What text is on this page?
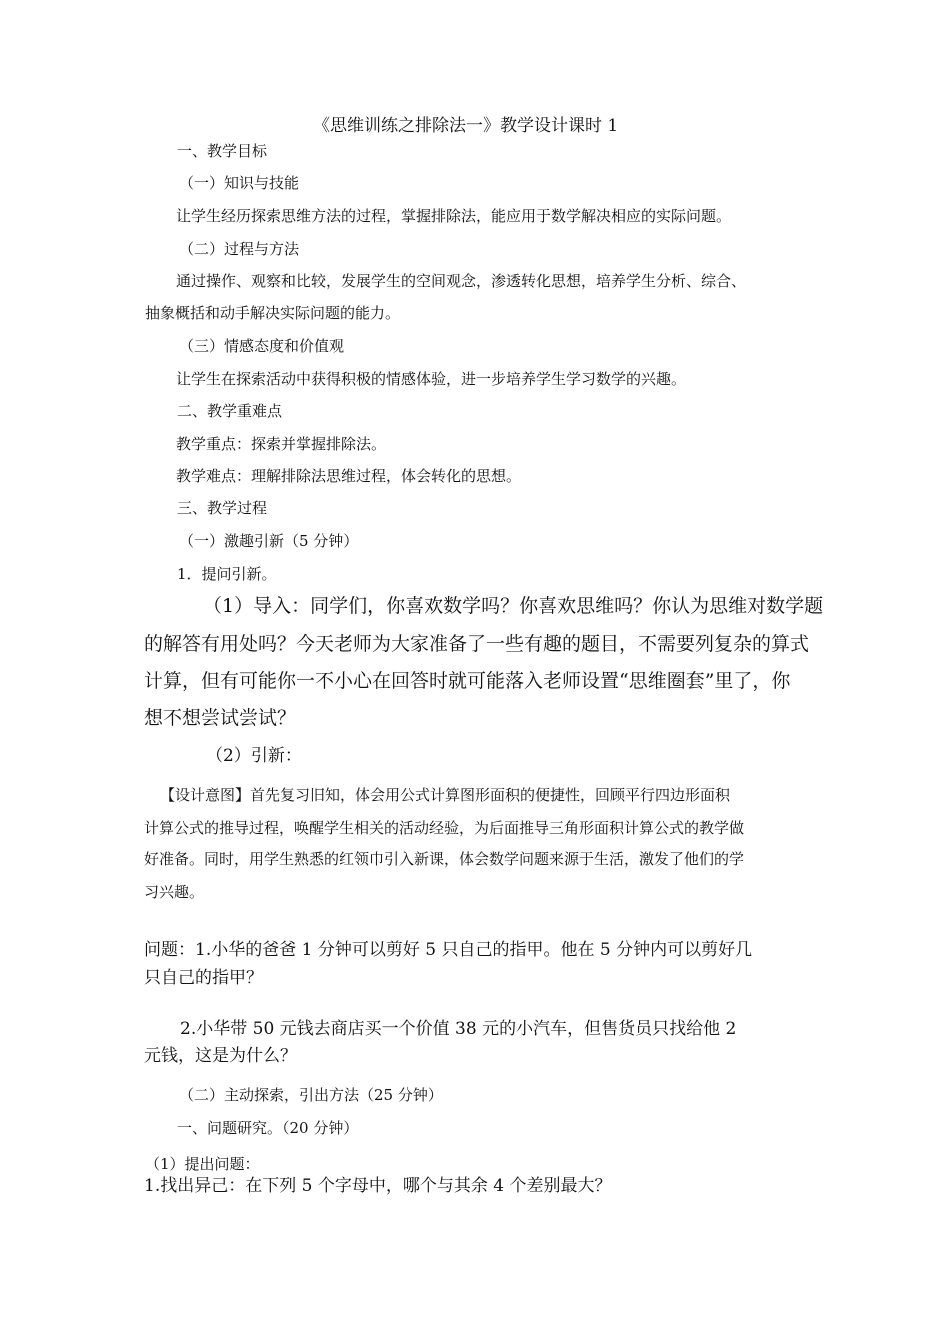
《思维训练之排除法一》教学设计课时 1
一、教学目标
（一）知识与技能
让学生经历探索思维方法的过程，掌握排除法，能应用于数学解决相应的实际问题。
（二）过程与方法
通过操作、观察和比较，发展学生的空间观念，渗透转化思想，培养学生分析、综合、
抽象概括和动手解决实际问题的能力。
（三）情感态度和价值观
让学生在探索活动中获得积极的情感体验，进一步培养学生学习数学的兴趣。
二、教学重难点
教学重点：探索并掌握排除法。
教学难点：理解排除法思维过程，体会转化的思想。
三、教学过程
（一）激趣引新（5 分钟）
1．提问引新。
（1）导入：同学们，你喜欢数学吗？你喜欢思维吗？你认为思维对数学题
的解答有用处吗？今天老师为大家准备了一些有趣的题目，不需要列复杂的算式
计算，但有可能你一不小心在回答时就可能落入老师设置“思维圈套”里了，你
想不想尝试尝试？
（2）引新：
【设计意图】首先复习旧知，体会用公式计算图形面积的便捷性，回顾平行四边形面积
计算公式的推导过程，唤醒学生相关的活动经验，为后面推导三角形面积计算公式的教学做
好准备。同时，用学生熟悉的红领巾引入新课，体会数学问题来源于生活，激发了他们的学
习兴趣。
问题：1.小华的爸爸 1 分钟可以剪好 5 只自己的指甲。他在 5 分钟内可以剪好几
只自己的指甲？
2.小华带 50 元钱去商店买一个价值 38 元的小汽车，但售货员只找给他 2
元钱，这是为什么？
（二）主动探索，引出方法（25 分钟）
一、问题研究。（20 分钟）
（1）提出问题：
1.找出异己：在下列 5 个字母中，哪个与其余 4 个差别最大？
